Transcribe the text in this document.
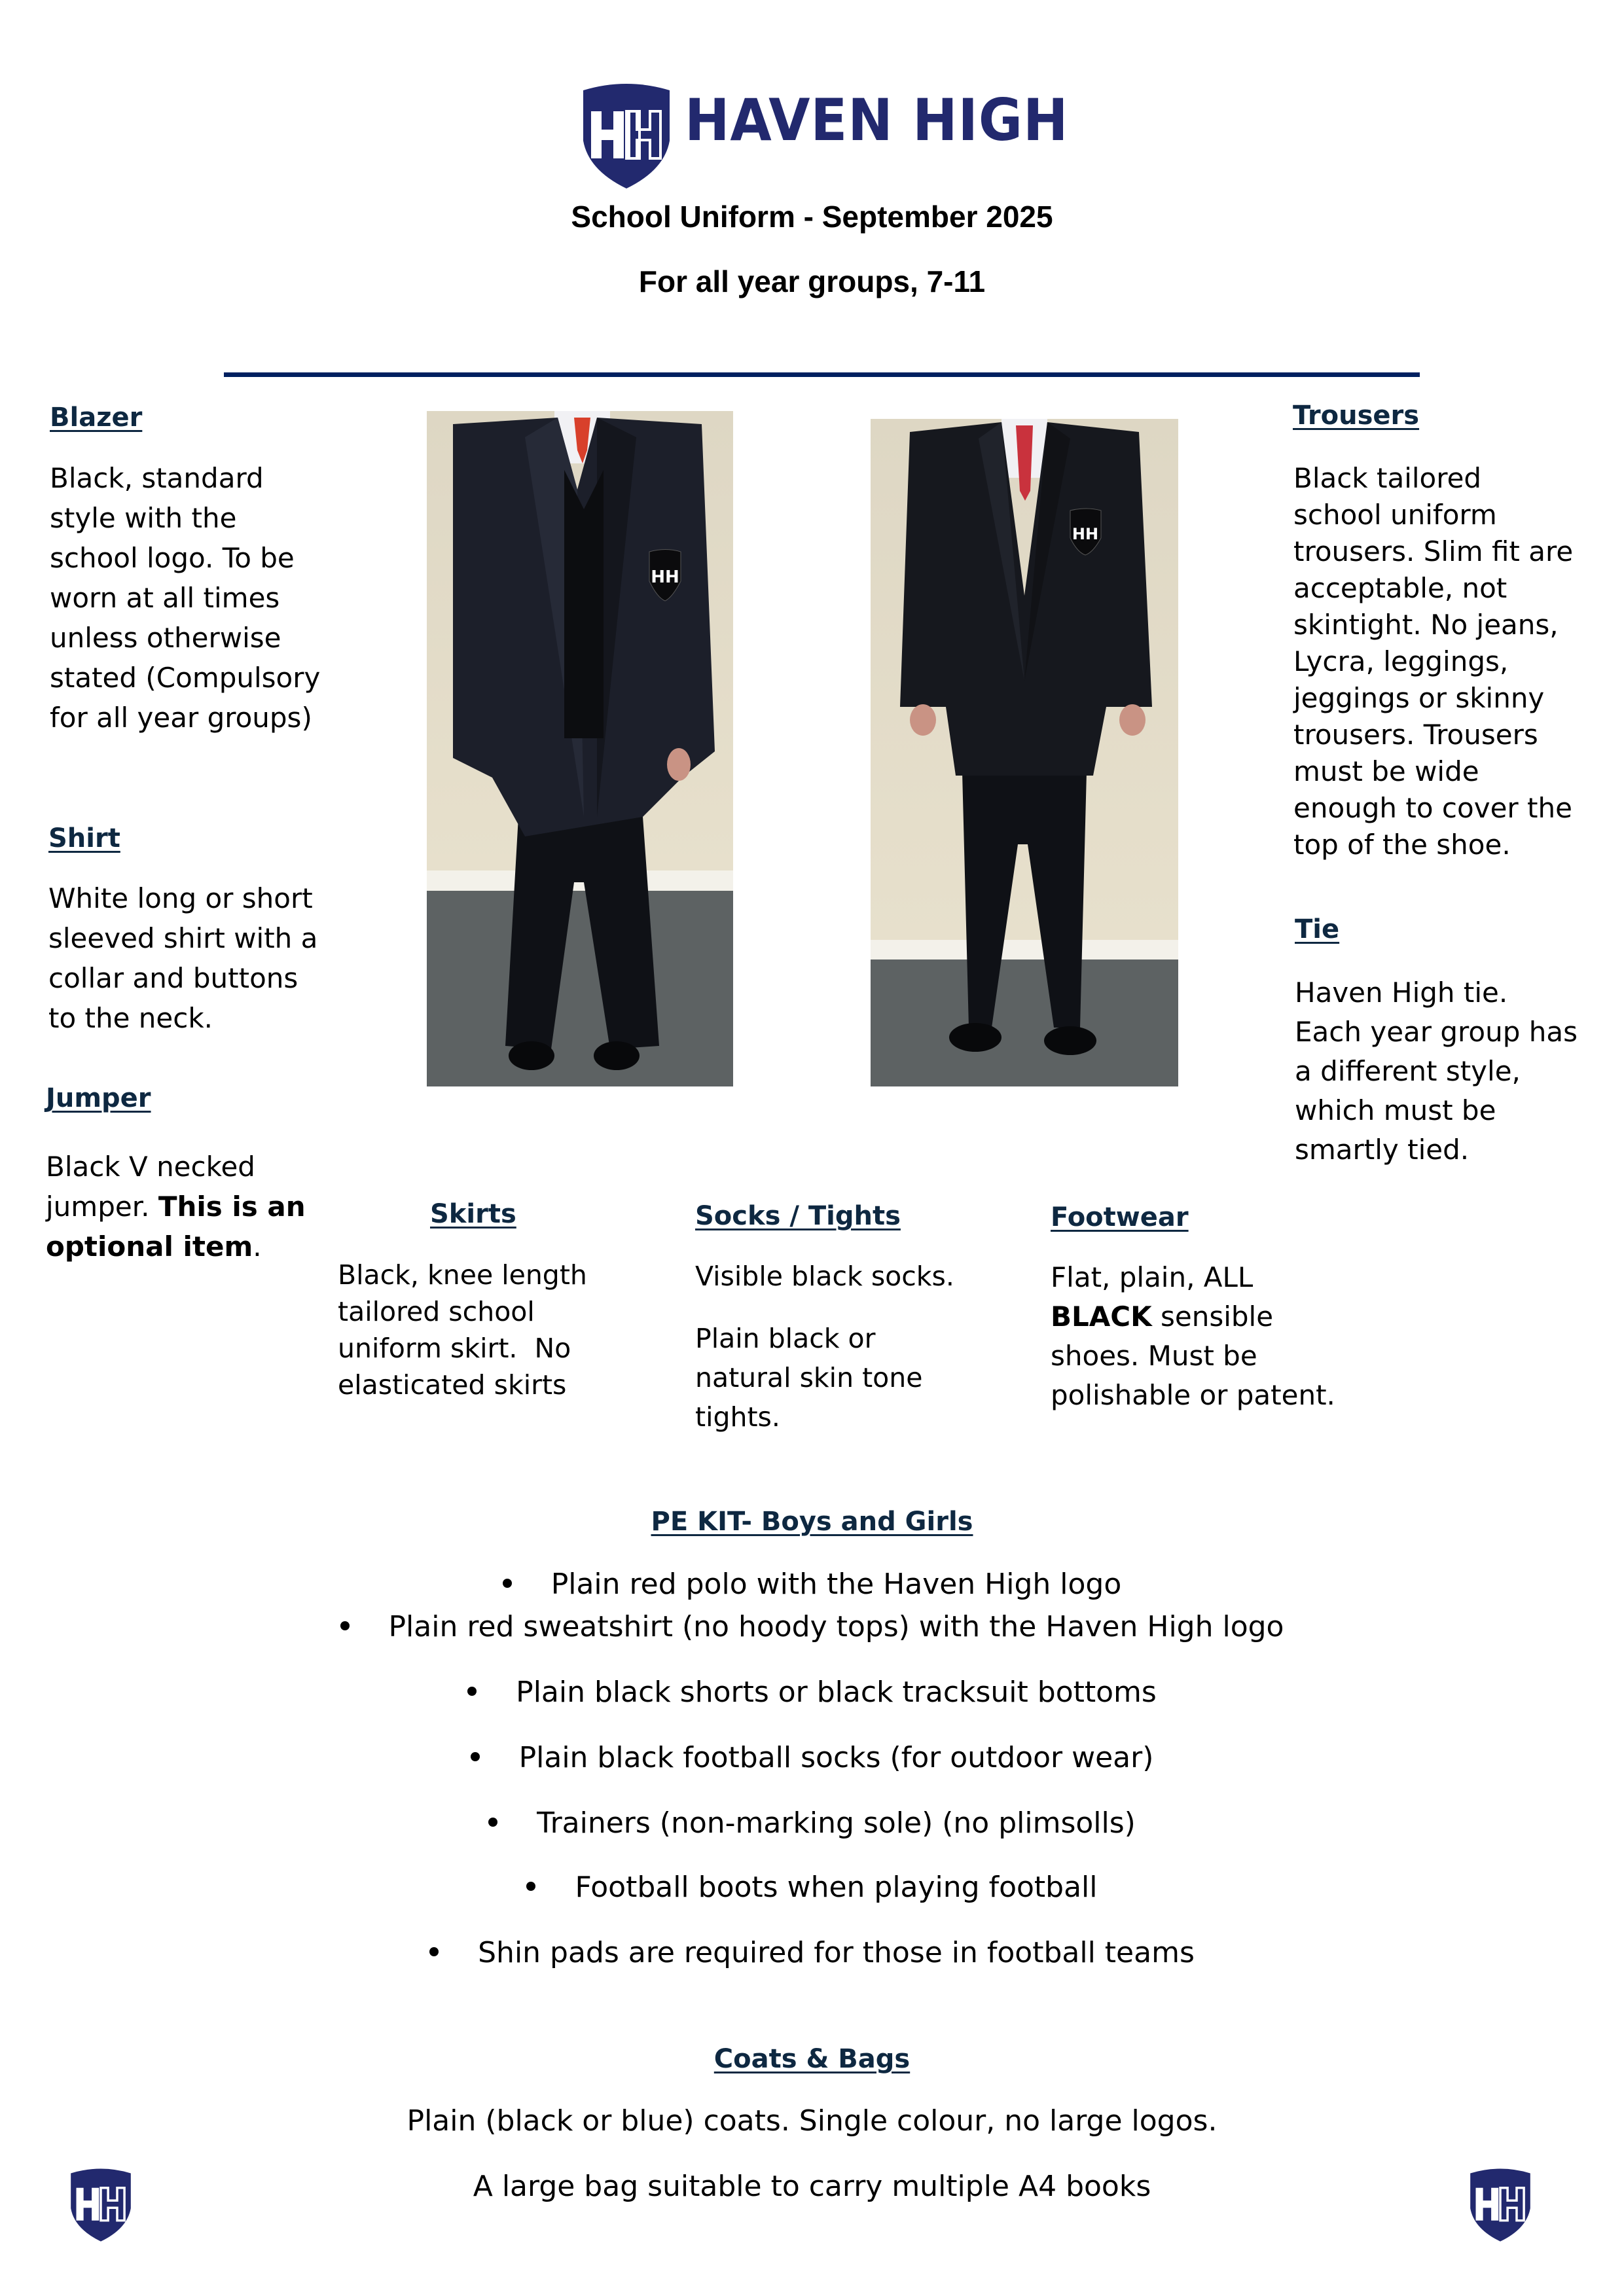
HAVEN HIGH
School Uniform - September 2025
For all year groups, 7-11
Blazer
Black, standard
style with the
school logo. To be
worn at all times
unless otherwise
stated (Compulsory
for all year groups)
Shirt
White long or short
sleeved shirt with a
collar and buttons
to the neck.
Jumper
Black V necked
jumper. This is an
optional item.
HH
HH
Trousers
Black tailored
school uniform
trousers. Slim fit are
acceptable, not
skintight. No jeans,
Lycra, leggings,
jeggings or skinny
trousers. Trousers
must be wide
enough to cover the
top of the shoe.
Tie
Haven High tie.
Each year group has
a different style,
which must be
smartly tied.
Skirts
Black, knee length
tailored school
uniform skirt.  No
elasticated skirts
Socks / Tights
Visible black socks.
Plain black or
natural skin tone
tights.
Footwear
Flat, plain, ALL
BLACK sensible
shoes. Must be
polishable or patent.
PE KIT- Boys and Girls
Plain red polo with the Haven High logo
Plain red sweatshirt (no hoody tops) with the Haven High logo
Plain black shorts or black tracksuit bottoms
Plain black football socks (for outdoor wear)
Trainers (non-marking sole) (no plimsolls)
Football boots when playing football
Shin pads are required for those in football teams
Coats & Bags
Plain (black or blue) coats. Single colour, no large logos.
A large bag suitable to carry multiple A4 books
